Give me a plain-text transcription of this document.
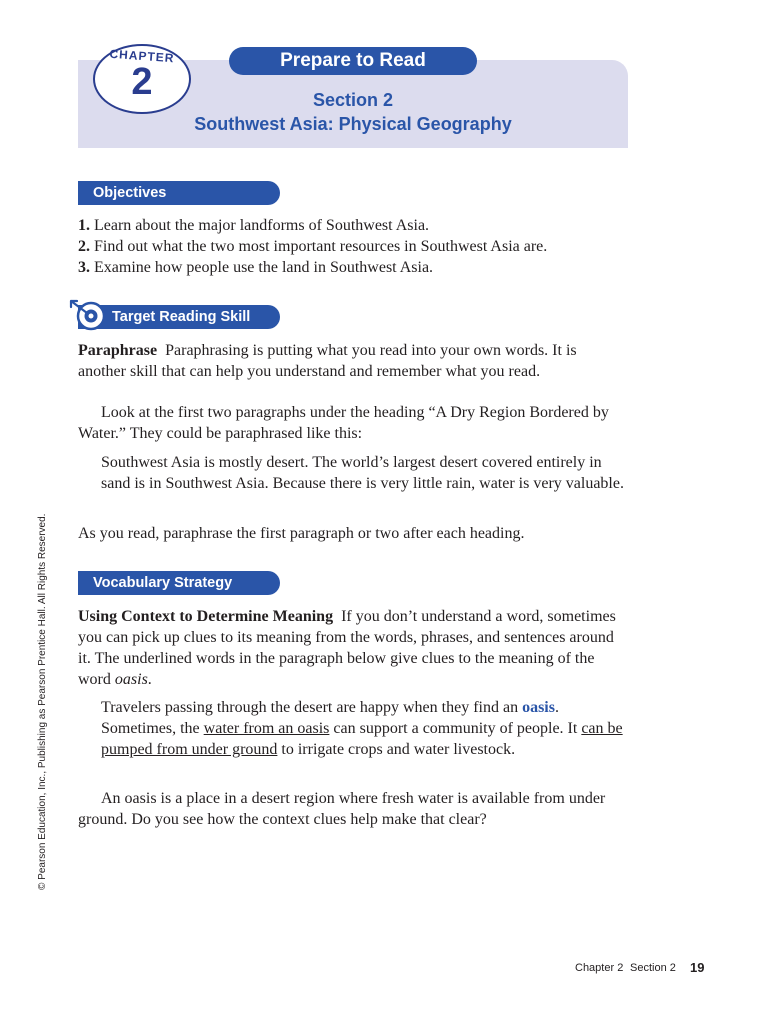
CHAPTER
2
Prepare to Read
Section 2
Southwest Asia: Physical Geography
Objectives
1. Learn about the major landforms of Southwest Asia.
2. Find out what the two most important resources in Southwest Asia are.
3. Examine how people use the land in Southwest Asia.
Target Reading Skill
Paraphrase Paraphrasing is putting what you read into your own words. It is another skill that can help you understand and remember what you read.
Look at the first two paragraphs under the heading “A Dry Region Bordered by Water.” They could be paraphrased like this:
Southwest Asia is mostly desert. The world’s largest desert covered entirely in sand is in Southwest Asia. Because there is very little rain, water is very valuable.
As you read, paraphrase the first paragraph or two after each heading.
Vocabulary Strategy
Using Context to Determine Meaning If you don’t understand a word, sometimes you can pick up clues to its meaning from the words, phrases, and sentences around it. The underlined words in the paragraph below give clues to the meaning of the word oasis.
Travelers passing through the desert are happy when they find an oasis. Sometimes, the water from an oasis can support a community of people. It can be pumped from under ground to irrigate crops and water livestock.
An oasis is a place in a desert region where fresh water is available from under ground. Do you see how the context clues help make that clear?
© Pearson Education, Inc., Publishing as Pearson Prentice Hall. All Rights Reserved.
Chapter 2 Section 2 19
